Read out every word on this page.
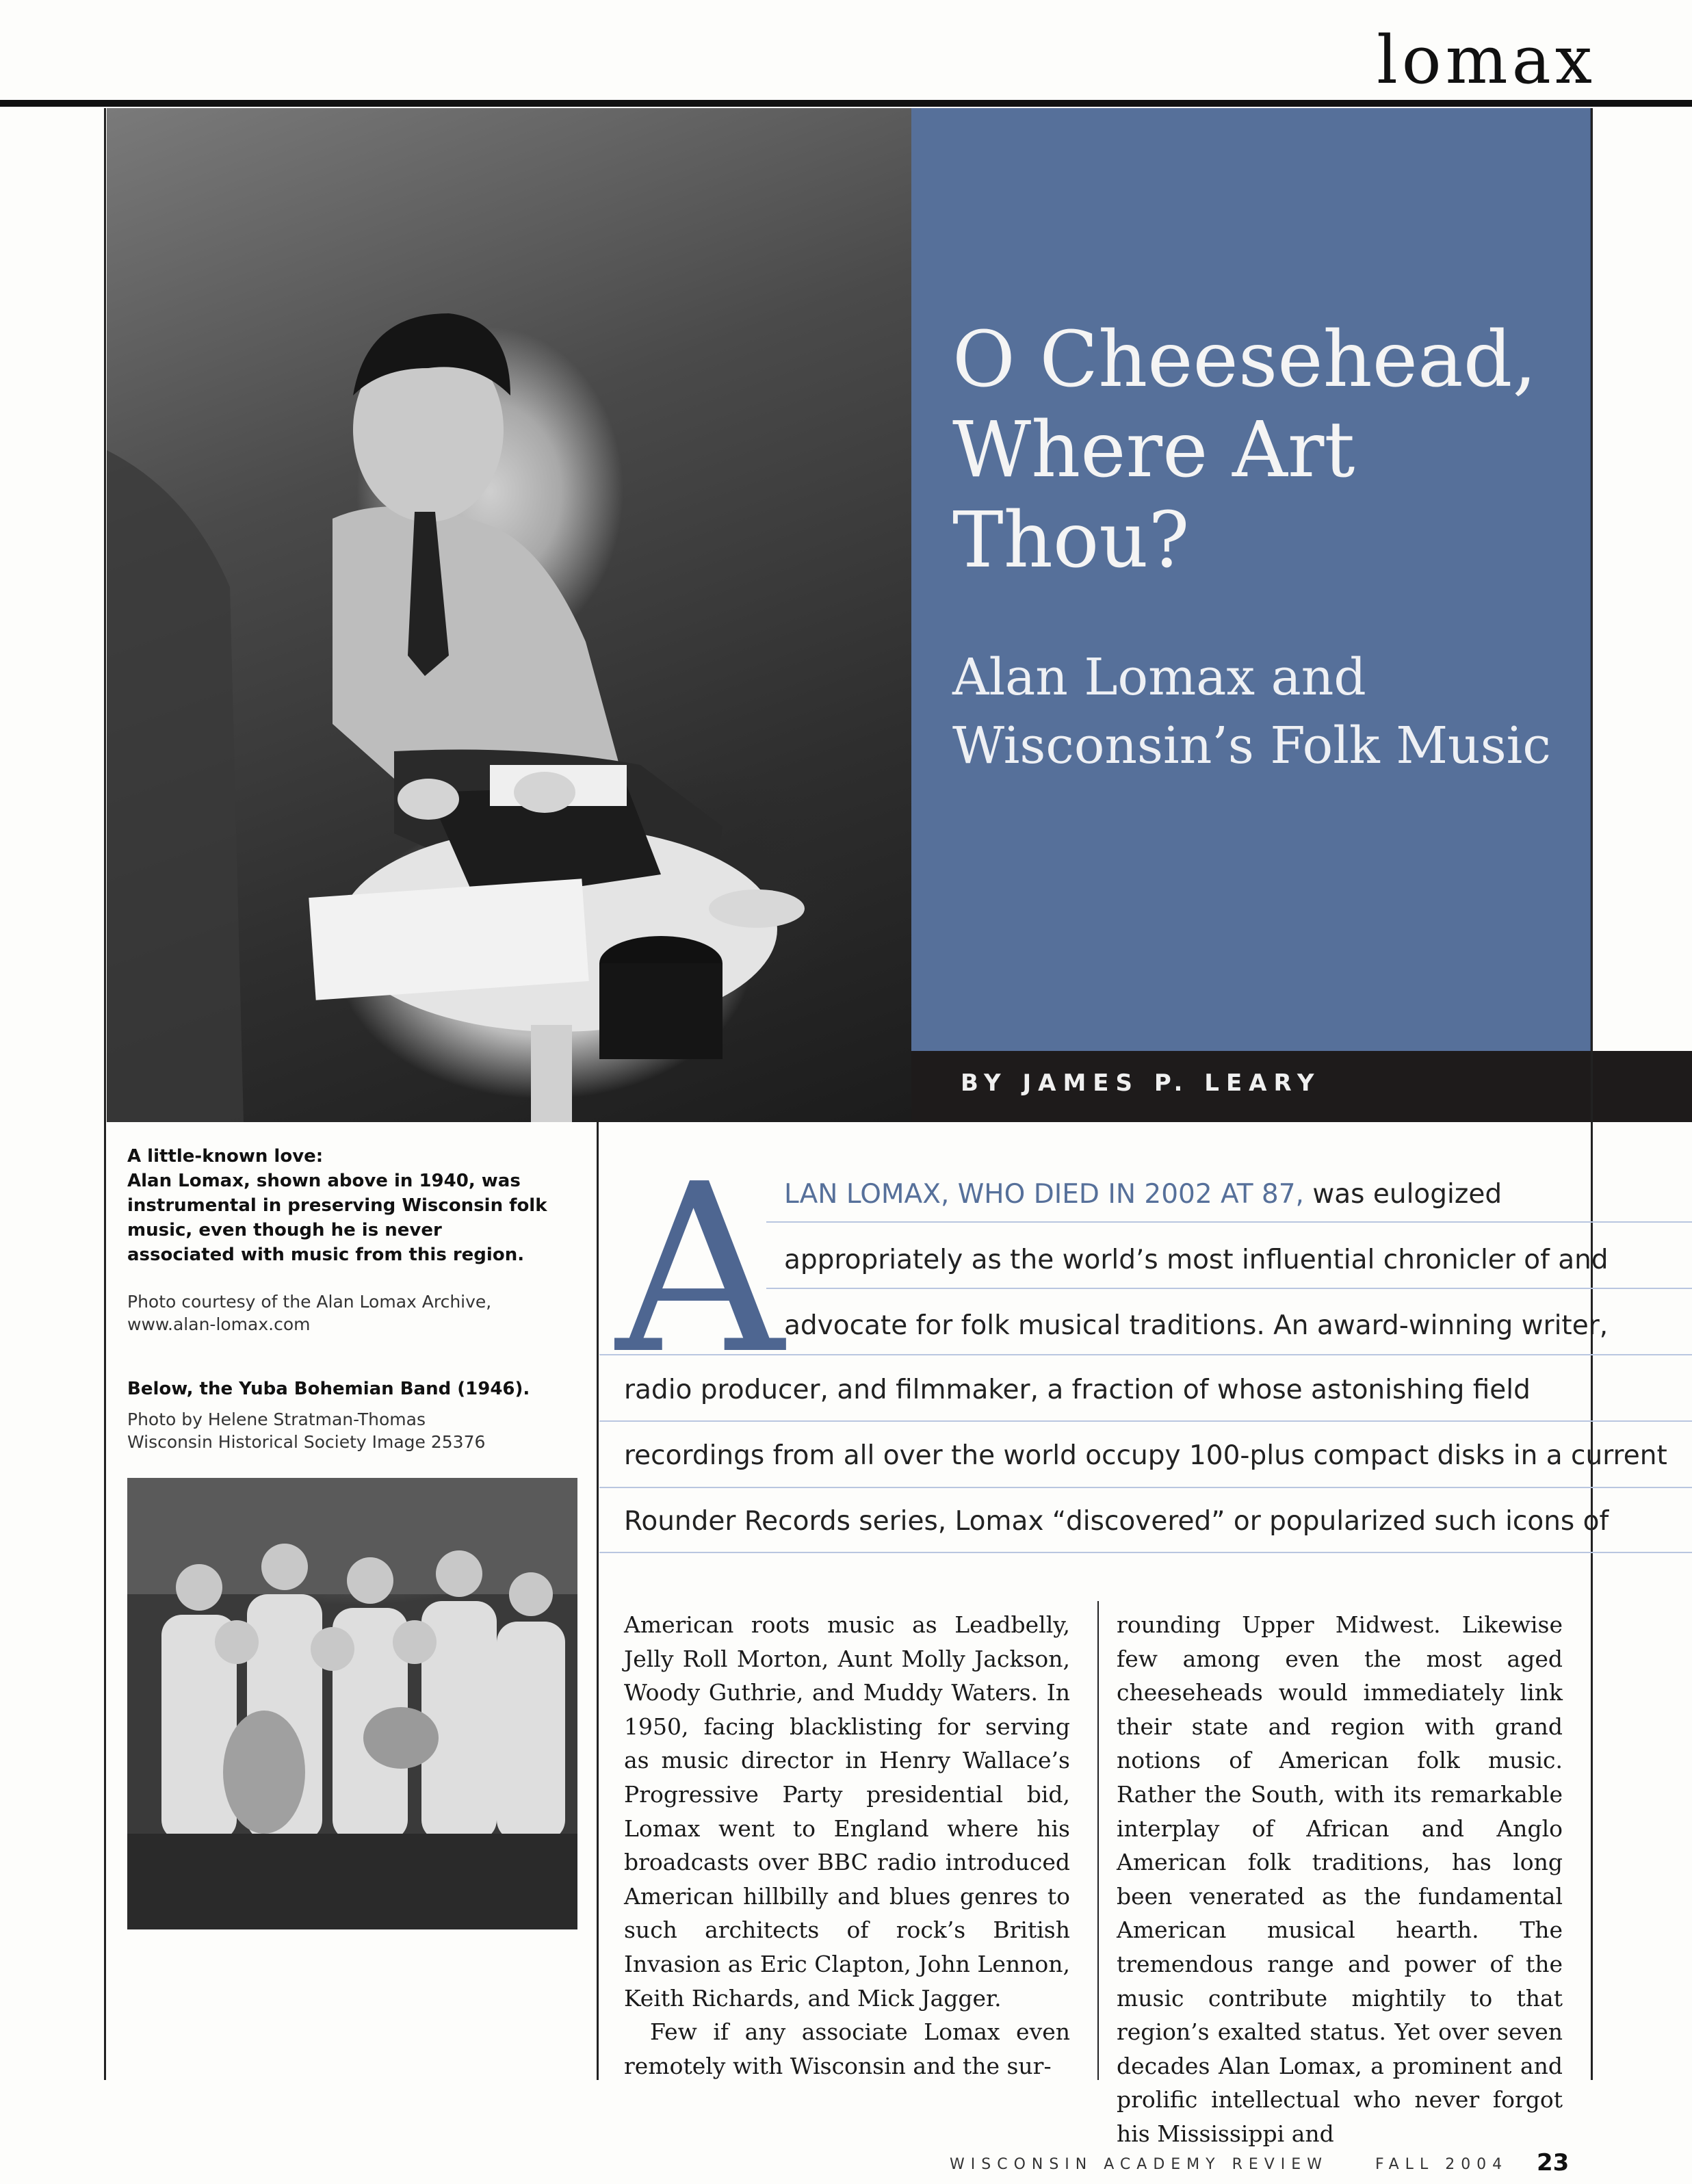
lomax
O Cheesehead,
Where Art
Thou?
Alan Lomax and
Wisconsin’s Folk Music
BY JAMES P. LEARY
A little-known love:
Alan Lomax, shown above in 1940, was instrumental in preserving Wisconsin folk music, even though he is never associated with music from this region.
Photo courtesy of the Alan Lomax Archive, www.alan-lomax.com
Below, the Yuba Bohemian Band (1946).
Photo by Helene Stratman-Thomas
Wisconsin Historical Society Image 25376
A LAN LOMAX, WHO DIED IN 2002 AT 87, was eulogized
appropriately as the world’s most influential chronicler of and
advocate for folk musical traditions. An award-winning writer,
radio producer, and filmmaker, a fraction of whose astonishing field
recordings from all over the world occupy 100-plus compact disks in a current
Rounder Records series, Lomax “discovered” or popularized such icons of

American roots music as Leadbelly, Jelly Roll Morton, Aunt Molly Jackson, Woody Guthrie, and Muddy Waters. In 1950, facing blacklisting for serving as music director in Henry Wallace’s Progressive Party presidential bid, Lomax went to England where his broadcasts over BBC radio introduced American hillbilly and blues genres to such architects of rock’s British Invasion as Eric Clapton, John Lennon, Keith Richards, and Mick Jagger.

Few if any associate Lomax even remotely with Wisconsin and the sur-

rounding Upper Midwest. Likewise few among even the most aged cheeseheads would immediately link their state and region with grand notions of American folk music. Rather the South, with its remarkable interplay of African and Anglo American folk traditions, has long been venerated as the fundamental American musical hearth. The tremendous range and power of the music contribute mightily to that region’s exalted status. Yet over seven decades Alan Lomax, a prominent and prolific intellectual who never forgot his Mississippi and

WISCONSIN ACADEMY REVIEW	FALL 2004 23
